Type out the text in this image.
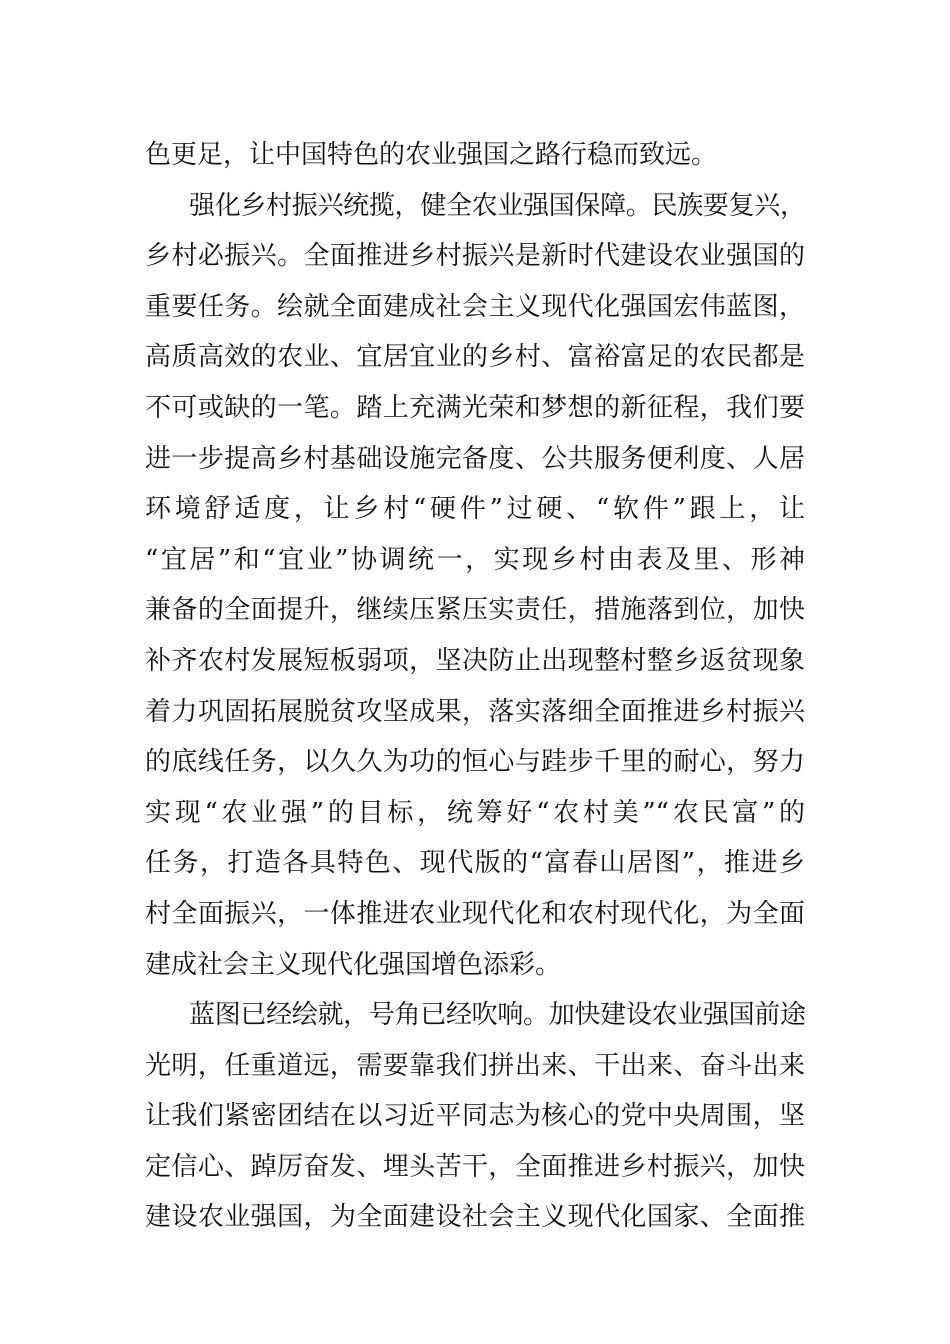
色更足，让中国特色的农业强国之路行稳而致远。
强化乡村振兴统揽，健全农业强国保障。民族要复兴，
乡村必振兴。全面推进乡村振兴是新时代建设农业强国的
重要任务。绘就全面建成社会主义现代化强国宏伟蓝图，
高质高效的农业、宜居宜业的乡村、富裕富足的农民都是
不可或缺的一笔。踏上充满光荣和梦想的新征程，我们要
进一步提高乡村基础设施完备度、公共服务便利度、人居
环境舒适度，让乡村“硬件”过硬、“软件”跟上，让
“宜居”和“宜业”协调统一，实现乡村由表及里、形神
兼备的全面提升，继续压紧压实责任，措施落到位，加快
补齐农村发展短板弱项，坚决防止出现整村整乡返贫现象
着力巩固拓展脱贫攻坚成果，落实落细全面推进乡村振兴
的底线任务，以久久为功的恒心与跬步千里的耐心，努力
实现“农业强”的目标，统筹好“农村美”“农民富”的
任务，打造各具特色、现代版的“富春山居图”，推进乡
村全面振兴，一体推进农业现代化和农村现代化，为全面
建成社会主义现代化强国增色添彩。
蓝图已经绘就，号角已经吹响。加快建设农业强国前途
光明，任重道远，需要靠我们拼出来、干出来、奋斗出来
让我们紧密团结在以习近平同志为核心的党中央周围，坚
定信心、踔厉奋发、埋头苦干，全面推进乡村振兴，加快
建设农业强国，为全面建设社会主义现代化国家、全面推
